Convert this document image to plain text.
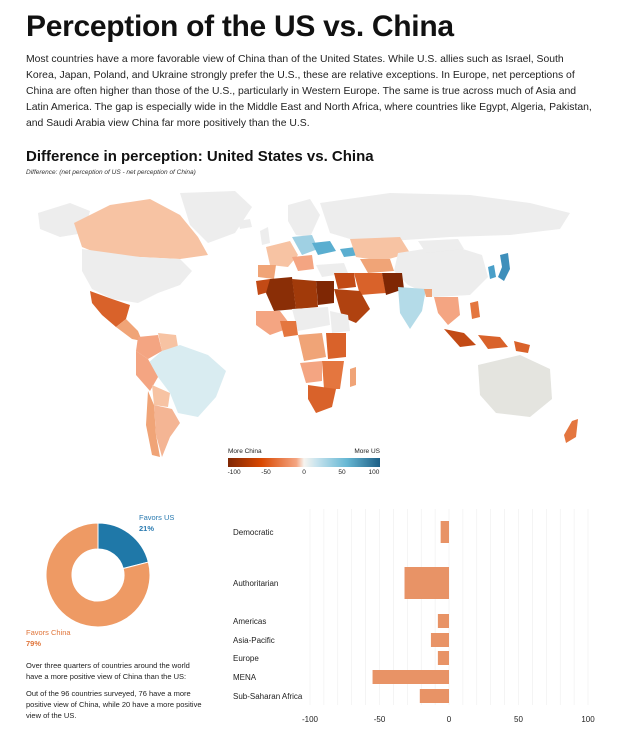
Perception of the US vs. China
Most countries have a more favorable view of China than of the United States. While U.S. allies such as Israel, South Korea, Japan, Poland, and Ukraine strongly prefer the U.S., these are relative exceptions. In Europe, net perceptions of China are often higher than those of the U.S., particularly in Western Europe. The same is true across much of Asia and Latin America. The gap is especially wide in the Middle East and North Africa, where countries like Egypt, Algeria, Pakistan, and Saudi Arabia view China far more positively than the U.S.
Difference in perception: United States vs. China
Difference: (net perception of US - net perception of China)
More China	More US
-100	-50	0	50	100
Favors US
21%
Favors China
79%
Over three quarters of countries around the world have a more positive view of China than the US:
Out of the 96 countries surveyed, 76 have a more positive view of China, while 20 have a more positive view of the US.
Democratic
Authoritarian
Americas
Asia-Pacific
Europe
MENA
Sub-Saharan Africa
-100	-50	0	50	100
